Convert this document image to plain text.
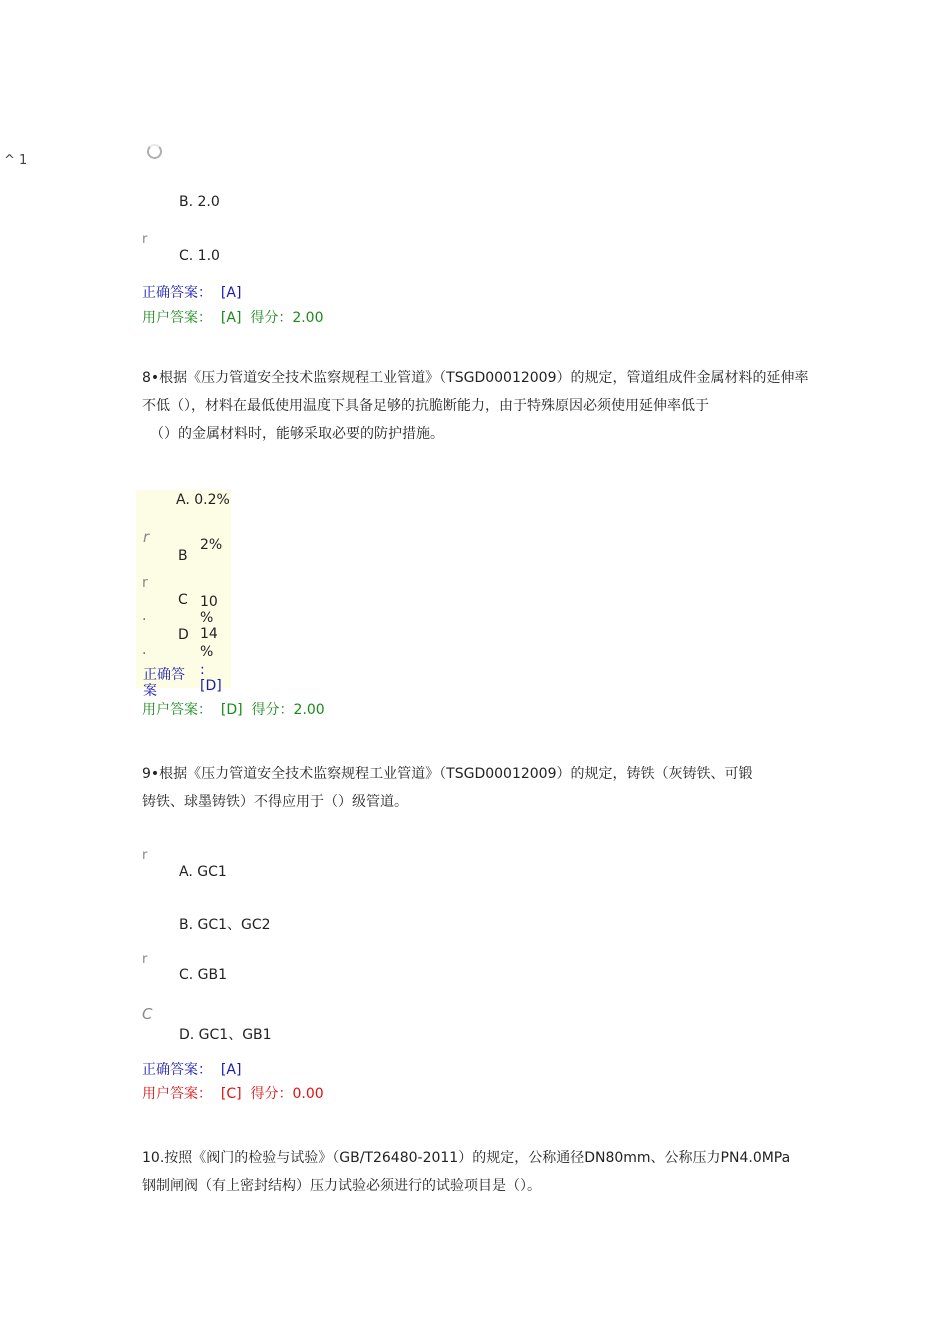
^ 1
B. 2.0
r
C. 1.0
正确答案： [A]
用户答案： [A] 得分：2.00
8•根据《压力管道安全技术监察规程工业管道》（TSGD00012009）的规定，管道组成件金属材料的延伸率
不低（），材料在最低使用温度下具备足够的抗脆断能力，由于特殊原因必须使用延伸率低于
（）的金属材料时，能够采取必要的防护措施。
A. 0.2%
r
B
2%
r
C 10
%
.
D 14
%
.
正确答
案
:
[D]
用户答案： [D] 得分：2.00
9•根据《压力管道安全技术监察规程工业管道》（TSGD00012009）的规定，铸铁（灰铸铁、可锻
铸铁、球墨铸铁）不得应用于（）级管道。
r
A. GC1
B. GC1、GC2
r
C. GB1
C
D. GC1、GB1
正确答案： [A]
用户答案： [C] 得分：0.00
10.按照《阀门的检验与试验》（GB/T26480-2011）的规定，公称通径DN80mm、公称压力PN4.0MPa
钢制闸阀（有上密封结构）压力试验必须进行的试验项目是（）。
